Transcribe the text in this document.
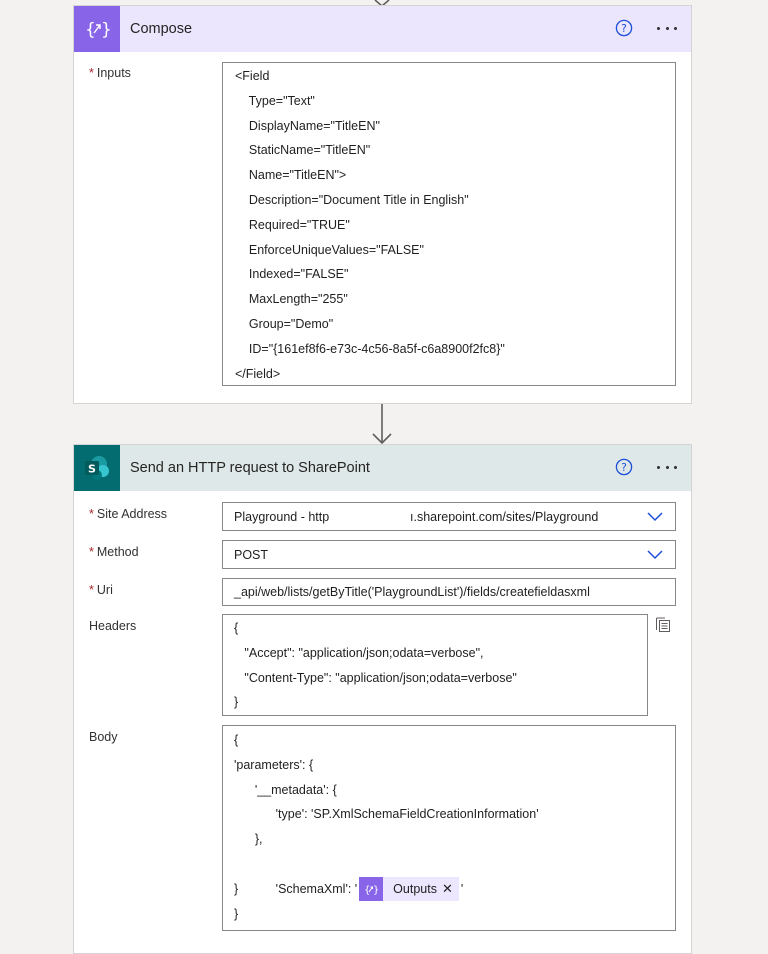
{ } Compose	?
* Inputs	<Field
Type="Text"
DisplayName="TitleEN"
StaticName="TitleEN"
Name="TitleEN">
Description="Document Title in English"
Required="TRUE"
EnforceUniqueValues="FALSE"
Indexed="FALSE"
MaxLength="255"
Group="Demo"
ID="{161ef8f6-e73c-4c56-8a5f-c6a8900f2fc8}"
</Field>
S Send an HTTP request to SharePoint	?
* Site Address	Playground - http	ı.sharepoint.com/sites/Playground
* Method	POST
* Uri	_api/web/lists/getByTitle('PlaygroundList')/fields/createfieldasxml
Headers	{
"Accept": "application/json;odata=verbose",
"Content-Type": "application/json;odata=verbose"
}
Body	{
'parameters': {
'__metadata': {
'type': 'SP.XmlSchemaFieldCreationInformation'
},

'SchemaXml': ' { }	Outputs ✕ '

}
}
